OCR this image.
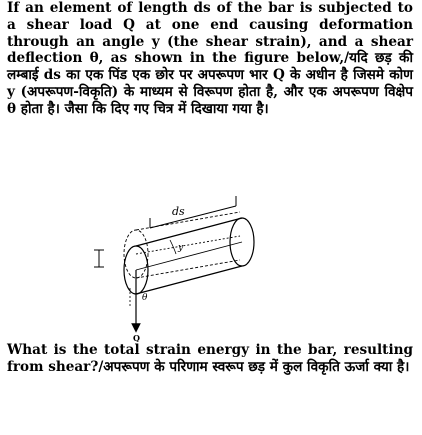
If an element of length ds of the bar is subjected to a shear load Q at one end causing deformation through an angle y (the shear strain), and a shear deflection θ, as shown in the figure below,/यदि छड़ की लम्बाई ds का एक पिंड एक छोर पर अपरूपण भार Q के अधीन है जिसमे कोण y (अपरूपण-विकृति) के माध्यम से विरूपण होता है, और एक अपरूपण विक्षेप θ होता है। जैसा कि दिए गए चित्र में दिखाया गया है।

ds
y
θ
Q

What is the total strain energy in the bar, resulting from shear?/अपरूपण के परिणाम स्वरूप छड़ में कुल विकृति ऊर्जा क्या है।
